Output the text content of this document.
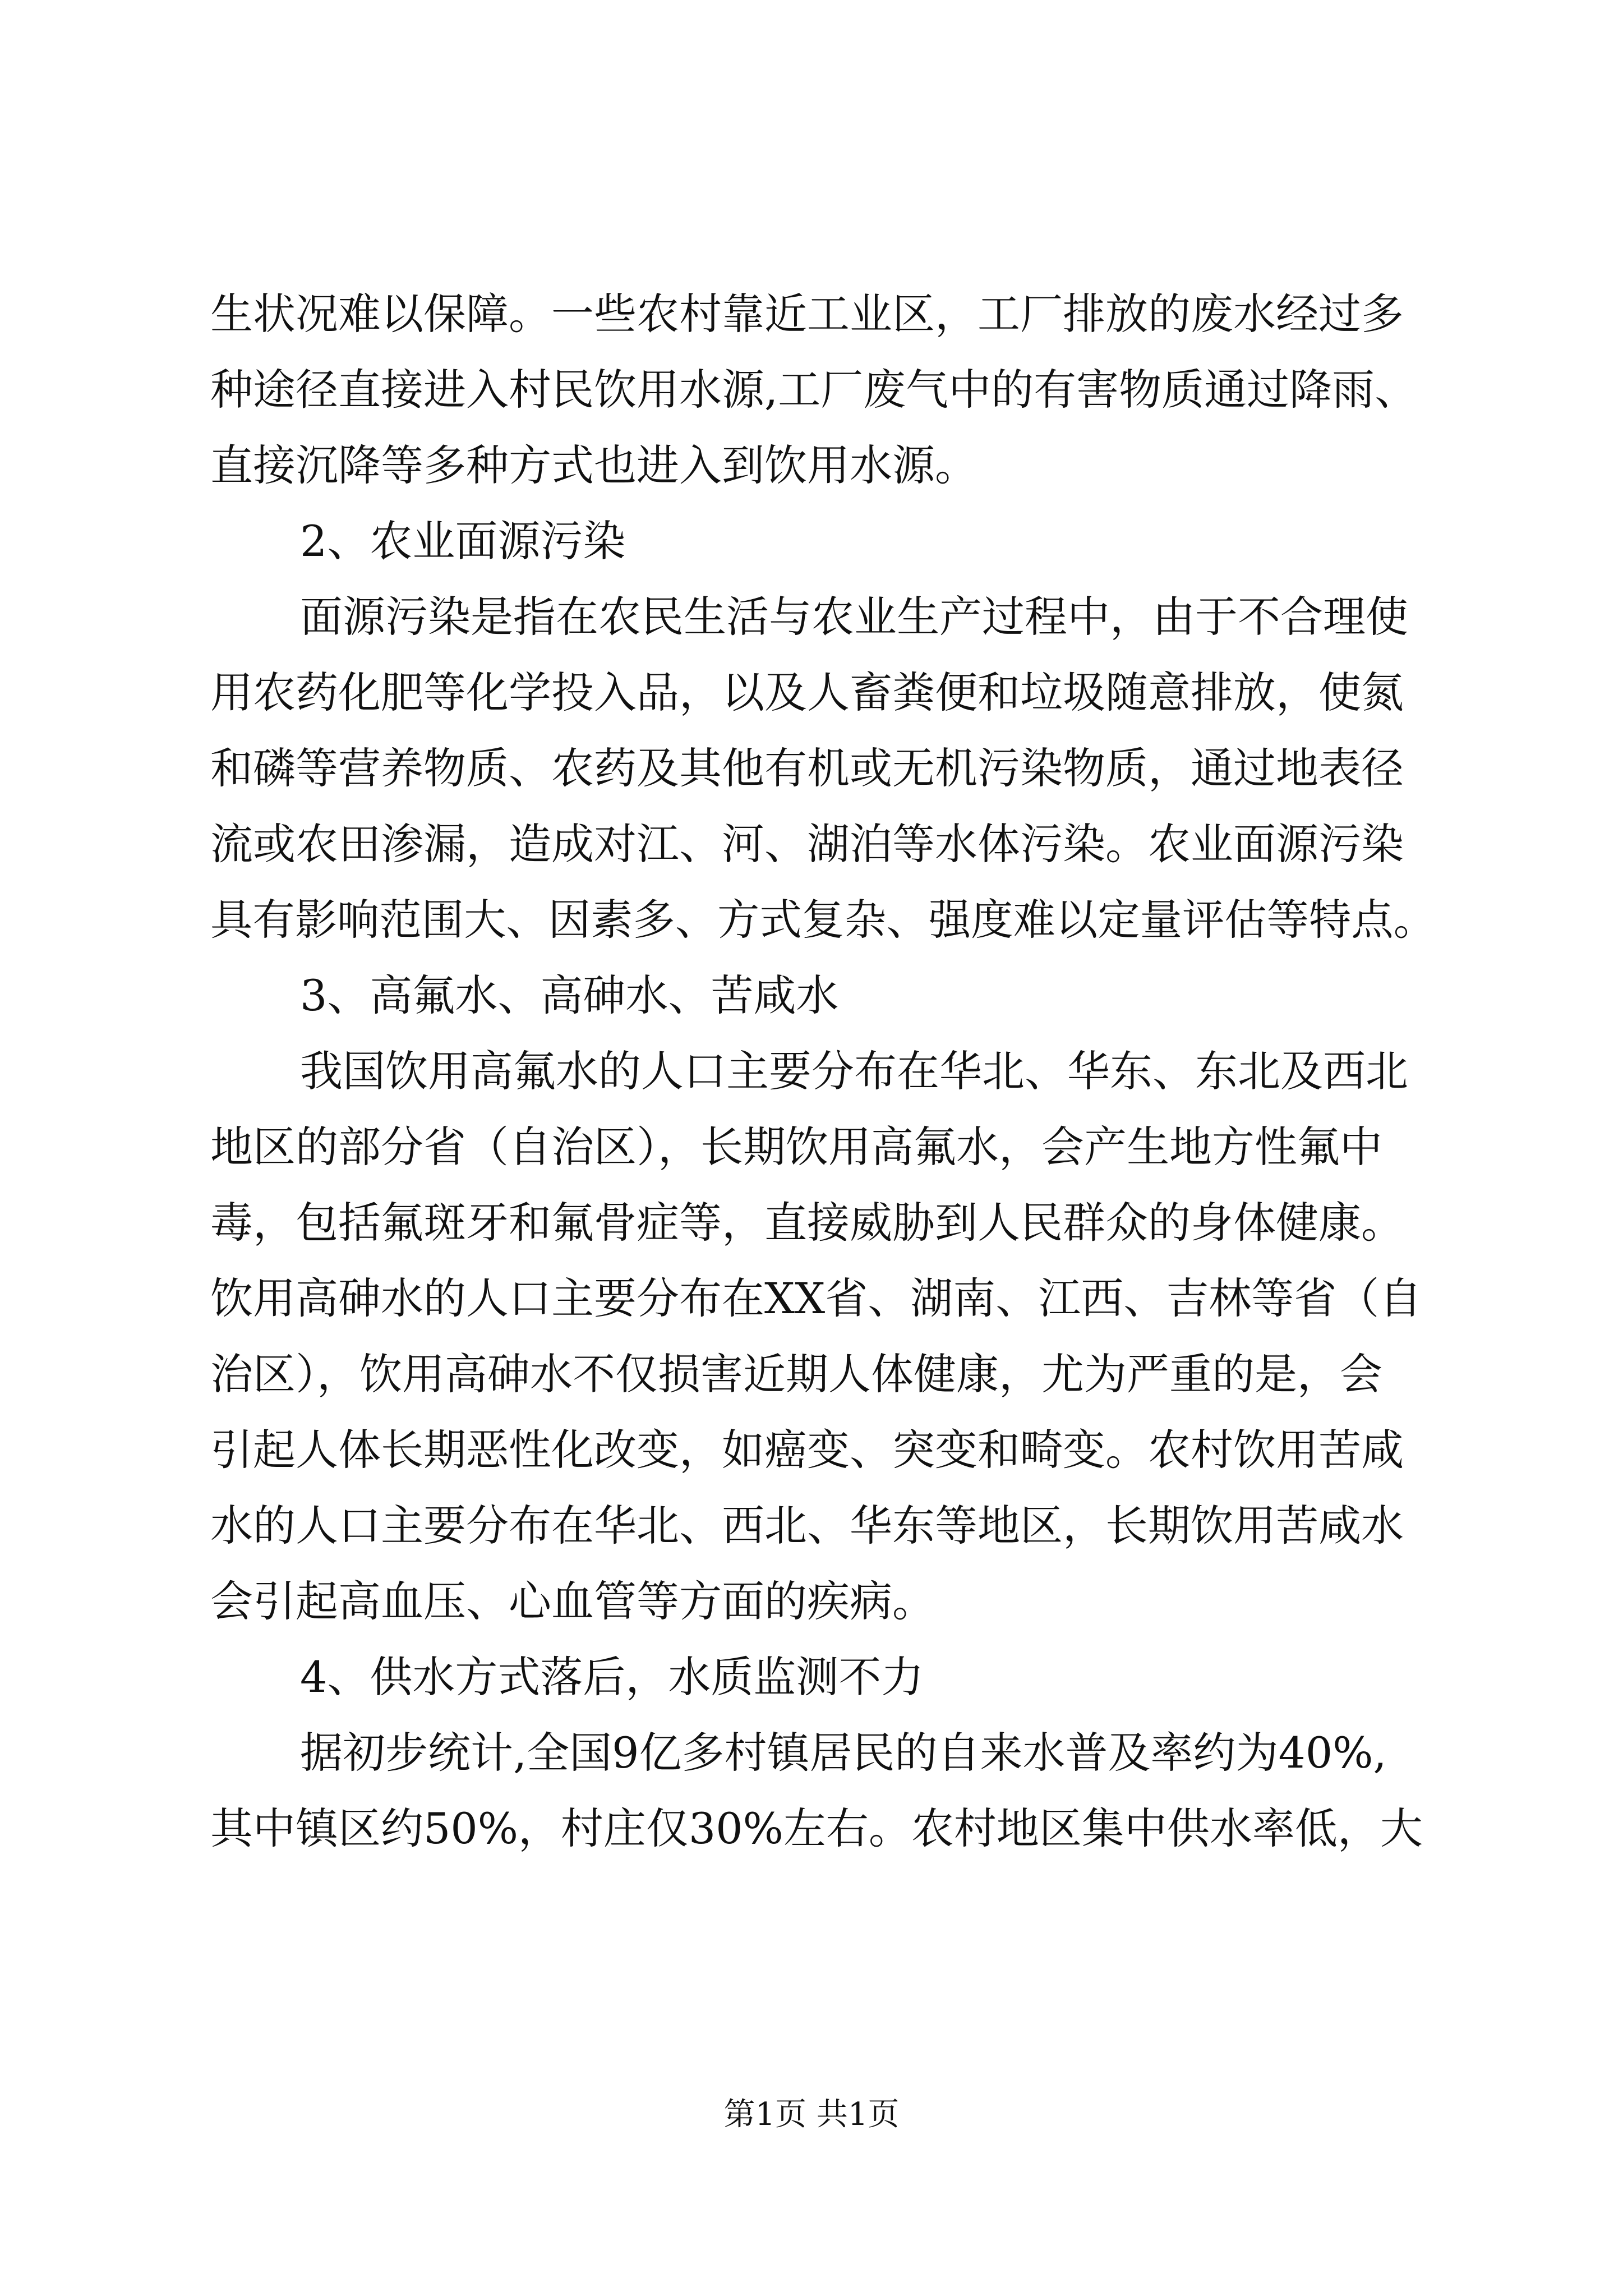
生状况难以保障。一些农村靠近工业区，工厂排放的废水经过多
种途径直接进入村民饮用水源,工厂废气中的有害物质通过降雨、
直接沉降等多种方式也进入到饮用水源。
2、农业面源污染
面源污染是指在农民生活与农业生产过程中，由于不合理使
用农药化肥等化学投入品，以及人畜粪便和垃圾随意排放，使氮
和磷等营养物质、农药及其他有机或无机污染物质，通过地表径
流或农田渗漏，造成对江、河、湖泊等水体污染。农业面源污染
具有影响范围大、因素多、方式复杂、强度难以定量评估等特点。
3、高氟水、高砷水、苦咸水
我国饮用高氟水的人口主要分布在华北、华东、东北及西北
地区的部分省（自治区），长期饮用高氟水，会产生地方性氟中
毒，包括氟斑牙和氟骨症等，直接威胁到人民群众的身体健康。
饮用高砷水的人口主要分布在XX省、湖南、江西、吉林等省（自
治区），饮用高砷水不仅损害近期人体健康，尤为严重的是，会
引起人体长期恶性化改变，如癌变、突变和畸变。农村饮用苦咸
水的人口主要分布在华北、西北、华东等地区，长期饮用苦咸水
会引起高血压、心血管等方面的疾病。
4、供水方式落后，水质监测不力
据初步统计,全国9亿多村镇居民的自来水普及率约为40%,
其中镇区约50%，村庄仅30%左右。农村地区集中供水率低，大
第1页 共1页
